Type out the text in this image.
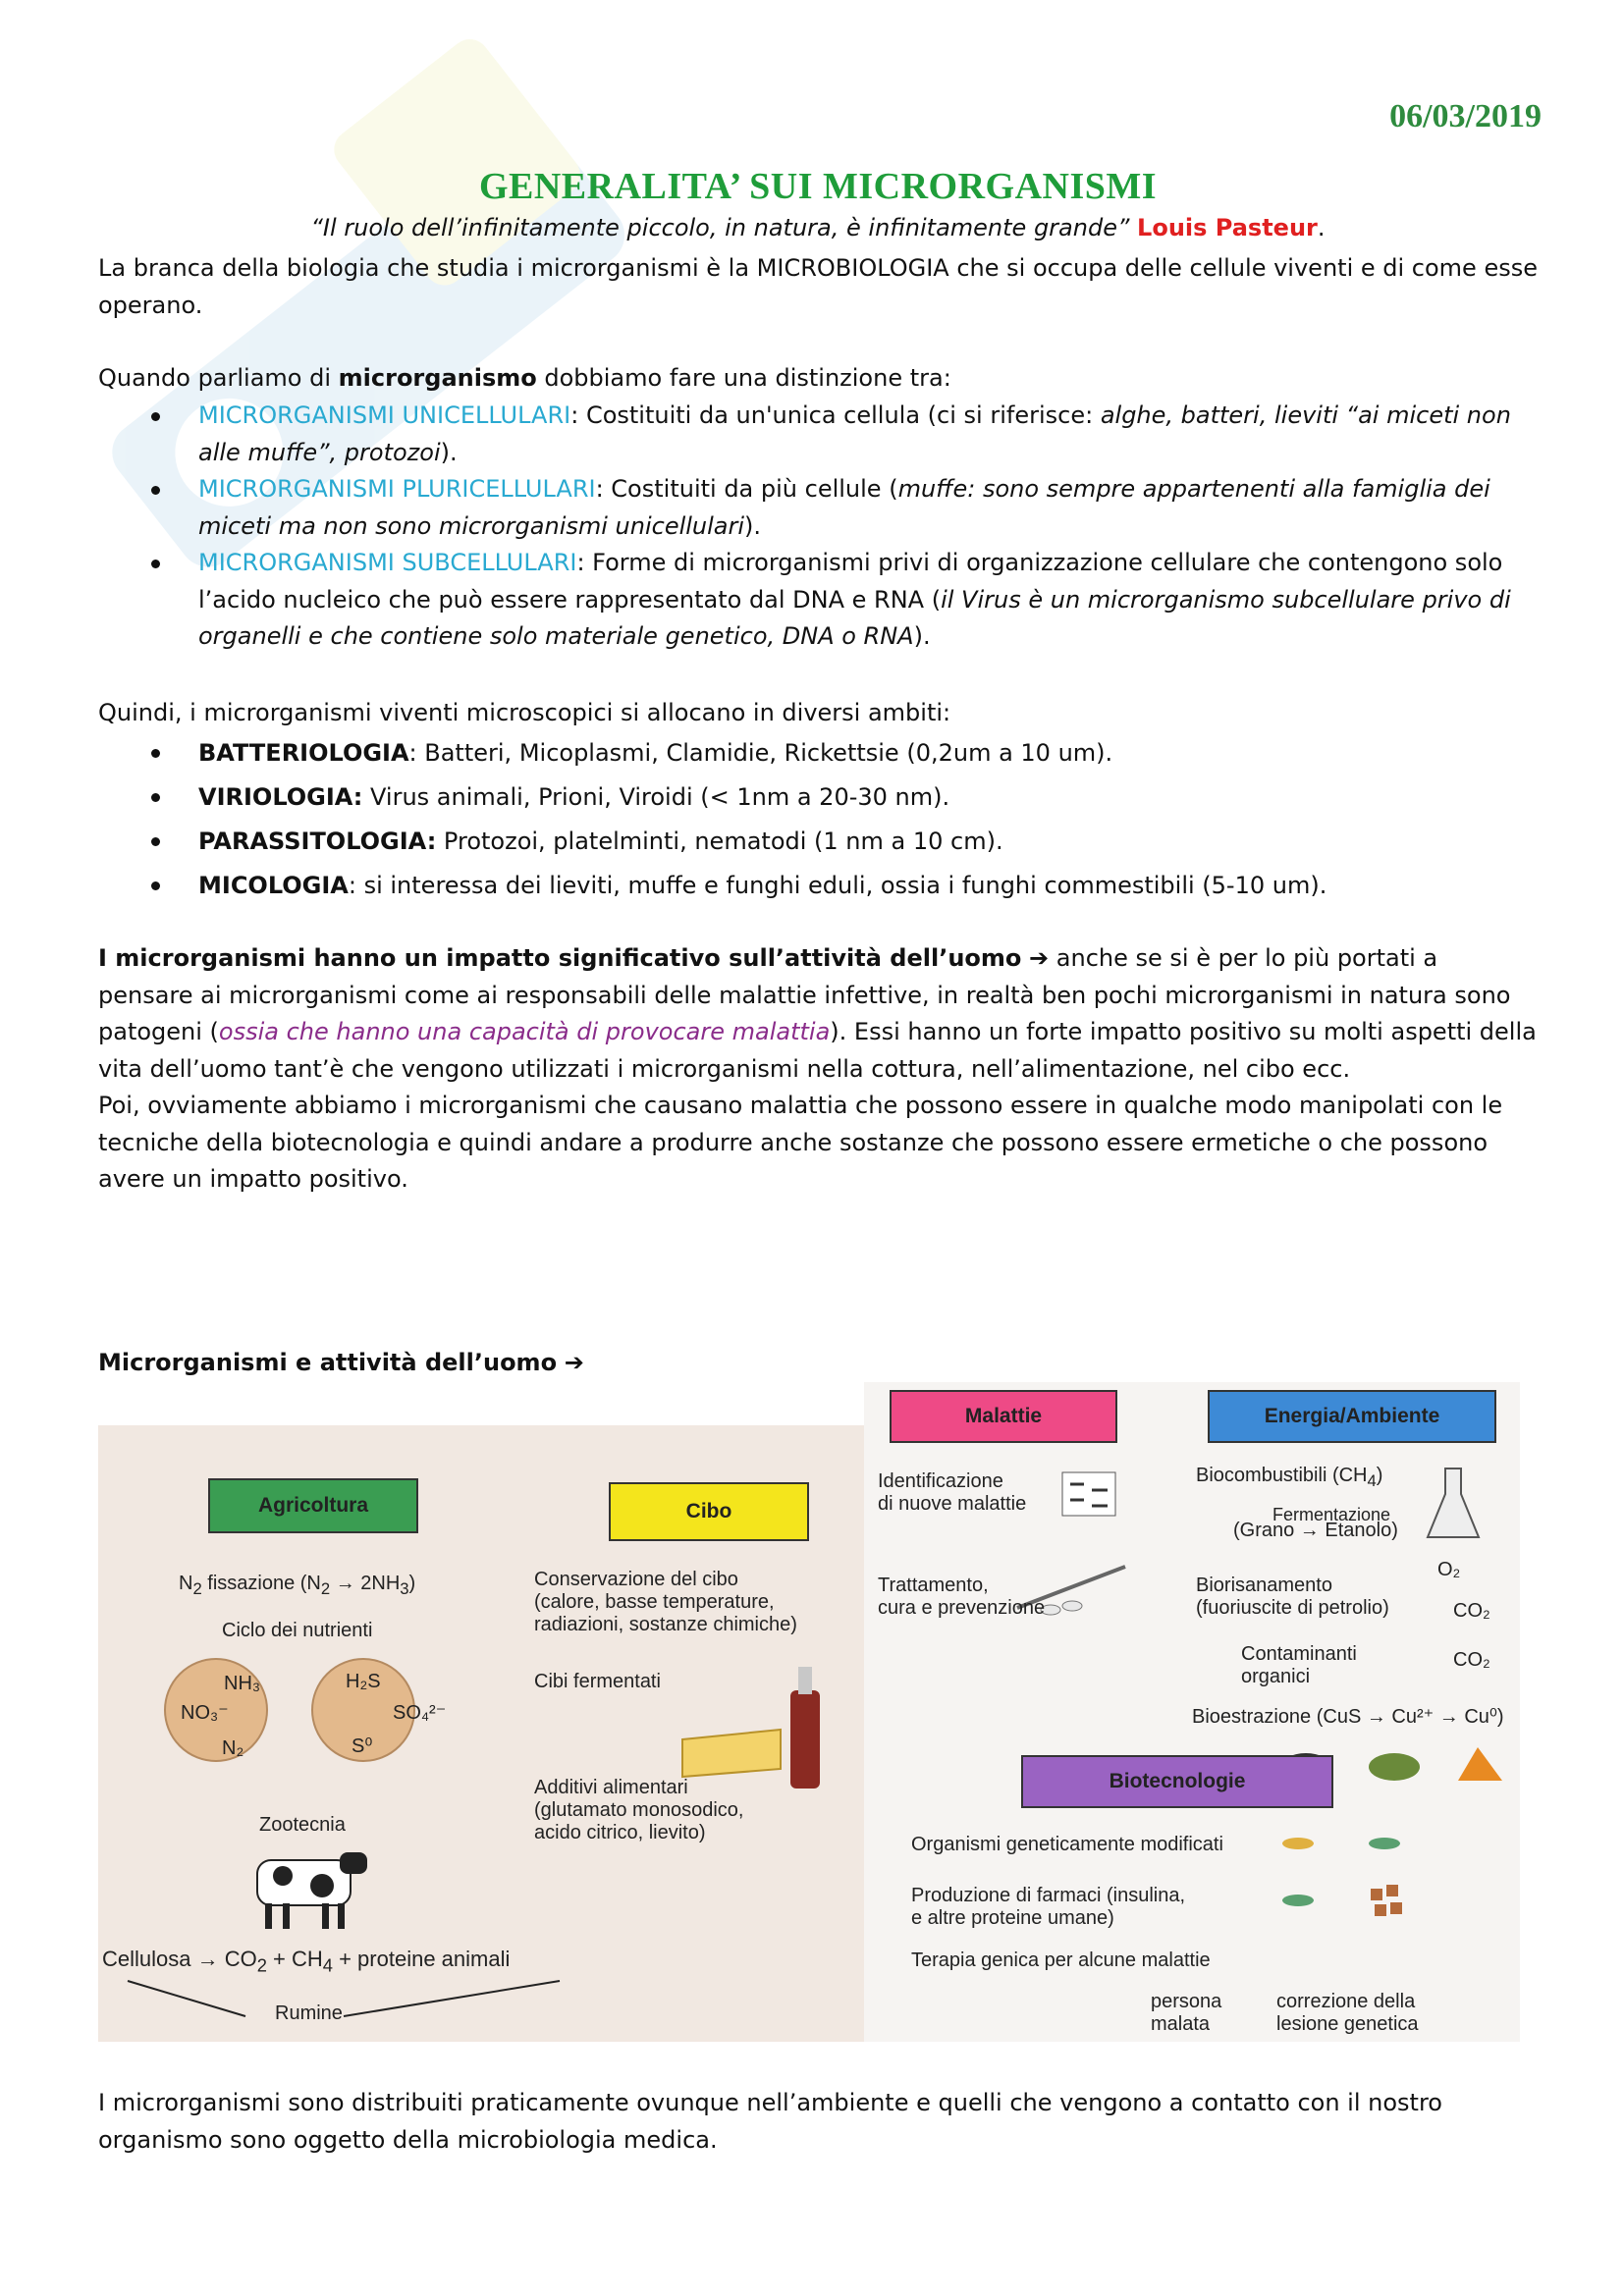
06/03/2019
GENERALITA’ SUI MICRORGANISMI
“Il ruolo dell’infinitamente piccolo, in natura, è infinitamente grande” Louis Pasteur.
La branca della biologia che studia i microrganismi è la MICROBIOLOGIA che si occupa delle cellule viventi e di come esse operano.
Quando parliamo di microrganismo dobbiamo fare una distinzione tra:
MICRORGANISMI UNICELLULARI: Costituiti da un'unica cellula (ci si riferisce: alghe, batteri, lieviti “ai miceti non alle muffe”, protozoi).
MICRORGANISMI PLURICELLULARI: Costituiti da più cellule (muffe: sono sempre appartenenti alla famiglia dei miceti ma non sono microrganismi unicellulari).
MICRORGANISMI SUBCELLULARI: Forme di microrganismi privi di organizzazione cellulare che contengono solo l’acido nucleico che può essere rappresentato dal DNA e RNA (il Virus è un microrganismo subcellulare privo di organelli e che contiene solo materiale genetico, DNA o RNA).
Quindi, i microrganismi viventi microscopici si allocano in diversi ambiti:
BATTERIOLOGIA: Batteri, Micoplasmi, Clamidie, Rickettsie (0,2um a 10 um).
VIRIOLOGIA: Virus animali, Prioni, Viroidi (< 1nm a 20-30 nm).
PARASSITOLOGIA: Protozoi, platelminti, nematodi (1 nm a 10 cm).
MICOLOGIA: si interessa dei lieviti, muffe e funghi eduli, ossia i funghi commestibili (5-10 um).
I microrganismi hanno un impatto significativo sull’attività dell’uomo ➔ anche se si è per lo più portati a pensare ai microrganismi come ai responsabili delle malattie infettive, in realtà ben pochi microrganismi in natura sono patogeni (ossia che hanno una capacità di provocare malattia). Essi hanno un forte impatto positivo su molti aspetti della vita dell’uomo tant’è che vengono utilizzati i microrganismi nella cottura, nell’alimentazione, nel cibo ecc.
Poi, ovviamente abbiamo i microrganismi che causano malattia che possono essere in qualche modo manipolati con le tecniche della biotecnologia e quindi andare a produrre anche sostanze che possono essere ermetiche o che possono avere un impatto positivo.
Microrganismi e attività dell’uomo ➔
Agricoltura	Cibo
$N_2$ fissazione $(N_2 \to 2NH_3)$
Ciclo dei nutrienti
NH₃
NO₃⁻
N₂
H₂S
SO₄²⁻
S⁰
Zootecnia
Cellulosa → $CO_2 + CH_4$ + proteine animali
Rumine
Conservazione del cibo
(calore, basse temperature,
radiazioni, sostanze chimiche)
Cibi fermentati
Additivi alimentari
(glutamato monosodico,
acido citrico, lievito)
Malattie	Energia/Ambiente
Identificazione
di nuove malattie
Trattamento,
cura e prevenzione
Biocombustibili $(CH_4)$
Fermentazione
(Grano → Etanolo)
Biorisanamento
(fuoriuscite di petrolio)
O₂
CO₂
Contaminanti
organici
CO₂
Bioestrazione (CuS → Cu²⁺ → Cu⁰)
Biotecnologie
Organismi geneticamente modificati
Produzione di farmaci (insulina,
e altre proteine umane)
Terapia genica per alcune malattie
persona
malata
correzione della
lesione genetica
I microrganismi sono distribuiti praticamente ovunque nell’ambiente e quelli che vengono a contatto con il nostro organismo sono oggetto della microbiologia medica.
